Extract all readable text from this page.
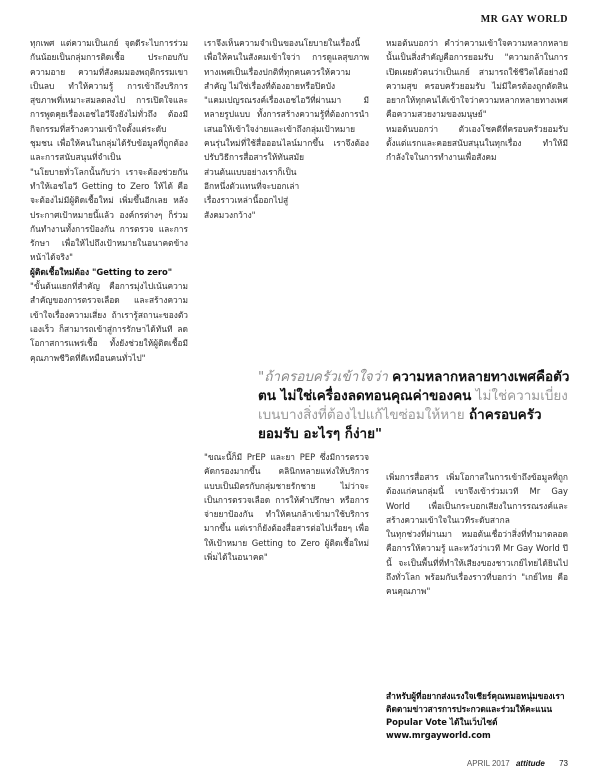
MR GAY WORLD

ทุกเพศ แต่ความเป็นเกย์ จุดดีระไบการร่วมกันน้อยเป็นกลุ่มการติดเชื้อ ประกอบกับความอาย ความที่สังคมมองพฤติกรรมเขาเป็นลบ ทำให้ความรู้ การเข้าถึงบริการสุขภาพที่เหมาะสมลดลงไป การเปิดใจและการพูดคุยเรื่องเอชไอวีจึงยังไม่ทั่วถึง ต้องมีกิจกรรมที่สร้างความเข้าใจตั้งแต่ระดับชุมชน เพื่อให้คนในกลุ่มได้รับข้อมูลที่ถูกต้องและการสนับสนุนที่จำเป็น

"นโยบายทั่วโลกนั้นกับว่า เราจะต้องช่วยกันทำให้เอชไอวี Getting to Zero ให้ได้ คือจะต้องไม่มีผู้ติดเชื้อใหม่ เพิ่มขึ้นอีกเลย หลังประกาศเป้าหมายนี้แล้ว องค์กรต่างๆ ก็ร่วมกันทำงานทั้งการป้องกัน การตรวจ และการรักษา เพื่อให้ไปถึงเป้าหมายในอนาคตข้างหน้าได้จริง"

ผู้ติดเชื้อใหม่ต้อง "Getting to zero"

"ขั้นต้นแยกที่สำคัญ คือการมุ่งไปเน้นความสำคัญของการตรวจเลือด และสร้างความเข้าใจเรื่องความเสี่ยง ถ้าเรารู้สถานะของตัวเองเร็ว ก็สามารถเข้าสู่การรักษาได้ทันที ลดโอกาสการแพร่เชื้อ ทั้งยังช่วยให้ผู้ติดเชื้อมีคุณภาพชีวิตที่ดีเหมือนคนทั่วไป"

เราจึงเห็นความจำเป็นของนโยบายในเรื่องนี้ เพื่อให้คนในสังคมเข้าใจว่า การดูแลสุขภาพทางเพศเป็นเรื่องปกติที่ทุกคนควรให้ความสำคัญ ไม่ใช่เรื่องที่ต้องอายหรือปิดบัง

"แคมเปญรณรงค์เรื่องเอชไอวีที่ผ่านมา มีหลายรูปแบบ ทั้งการสร้างความรู้ที่ต้องการนำเสนอให้เข้าใจง่ายและเข้าถึงกลุ่มเป้าหมาย คนรุ่นใหม่ที่ใช้สื่อออนไลน์มากขึ้น เราจึงต้องปรับวิธีการสื่อสารให้ทันสมัย

ส่วนต้นแบบอย่างเราก็เป็นอีกหนึ่งตัวแทนที่จะบอกเล่าเรื่องราวเหล่านี้ออกไปสู่สังคมวงกว้าง"

"ขณะนี้ก็มี PrEP และยา PEP ซึ่งมีการตรวจคัดกรองมากขึ้น คลินิกหลายแห่งให้บริการแบบเป็นมิตรกับกลุ่มชายรักชาย ไม่ว่าจะเป็นการตรวจเลือด การให้คำปรึกษา หรือการจ่ายยาป้องกัน ทำให้คนกล้าเข้ามาใช้บริการมากขึ้น แต่เราก็ยังต้องสื่อสารต่อไปเรื่อยๆ เพื่อให้เป้าหมาย Getting to Zero ผู้ติดเชื้อใหม่เพิ่มได้ในอนาคต"

หมอต้นบอกว่า คำว่าความเข้าใจความหลากหลายนั้นเป็นสิ่งสำคัญคือการยอมรับ "ความกล้าในการเปิดเผยตัวตนว่าเป็นเกย์ สามารถใช้ชีวิตได้อย่างมีความสุข ครอบครัวยอมรับ ไม่มีใครต้องถูกตัดสิน อยากให้ทุกคนได้เข้าใจว่าความหลากหลายทางเพศคือความสวยงามของมนุษย์"

หมอต้นบอกว่า ตัวเองโชคดีที่ครอบครัวยอมรับตั้งแต่แรกและคอยสนับสนุนในทุกเรื่อง ทำให้มีกำลังใจในการทำงานเพื่อสังคม

"ถ้าครอบครัวเข้าใจว่า ความหลากหลายทางเพศคือตัวตน ไม่ใช่เครื่องลดทอนคุณค่าของคน ไม่ใช่ความเบี่ยงเบนบางสิ่งที่ต้องไปแก้ไขซ่อมให้หาย ถ้าครอบครัวยอมรับ อะไรๆ ก็ง่าย"

เพิ่มการสื่อสาร เพิ่มโอกาสในการเข้าถึงข้อมูลที่ถูกต้องแก่คนกลุ่มนี้ เขาจึงเข้าร่วมเวที Mr Gay World เพื่อเป็นกระบอกเสียงในการรณรงค์และสร้างความเข้าใจในเวทีระดับสากล

ในทุกช่วงที่ผ่านมา หมอต้นเชื่อว่าสิ่งที่ทำมาตลอดคือการให้ความรู้ และหวังว่าเวที Mr Gay World ปีนี้ จะเป็นพื้นที่ที่ทำให้เสียงของชาวเกย์ไทยได้ยินไปถึงทั่วโลก พร้อมกับเรื่องราวที่บอกว่า "เกย์ไทย คือคนคุณภาพ"

สำหรับผู้ที่อยากส่งแรงใจเชียร์คุณหมอหนุ่มของเรา ติดตามข่าวสารการประกวดและร่วมให้คะแนน Popular Vote ได้ในเว็บไซต์
www.mrgayworld.com
APRIL 2017 attitude 73
